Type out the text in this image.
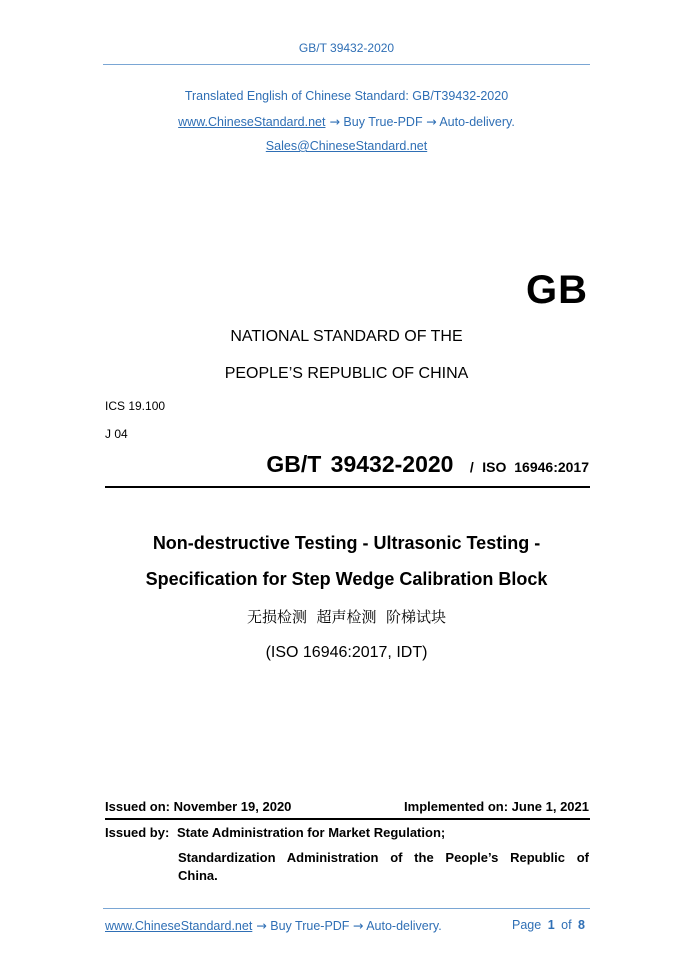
GB/T 39432-2020
Translated English of Chinese Standard: GB/T39432-2020
www.ChineseStandard.net → Buy True-PDF → Auto-delivery.
Sales@ChineseStandard.net
GB
NATIONAL STANDARD OF THE
PEOPLE’S REPUBLIC OF CHINA
ICS 19.100
J 04
GB/T 39432-2020 / ISO 16946:2017
Non-destructive Testing - Ultrasonic Testing -
Specification for Step Wedge Calibration Block
无损检测  超声检测  阶梯试块
(ISO 16946:2017, IDT)
Issued on: November 19, 2020	Implemented on: June 1, 2021
Issued by: State Administration for Market Regulation;
Standardization Administration of the People’s Republic of
China.
www.ChineseStandard.net → Buy True-PDF → Auto-delivery.	Page 1 of 8
